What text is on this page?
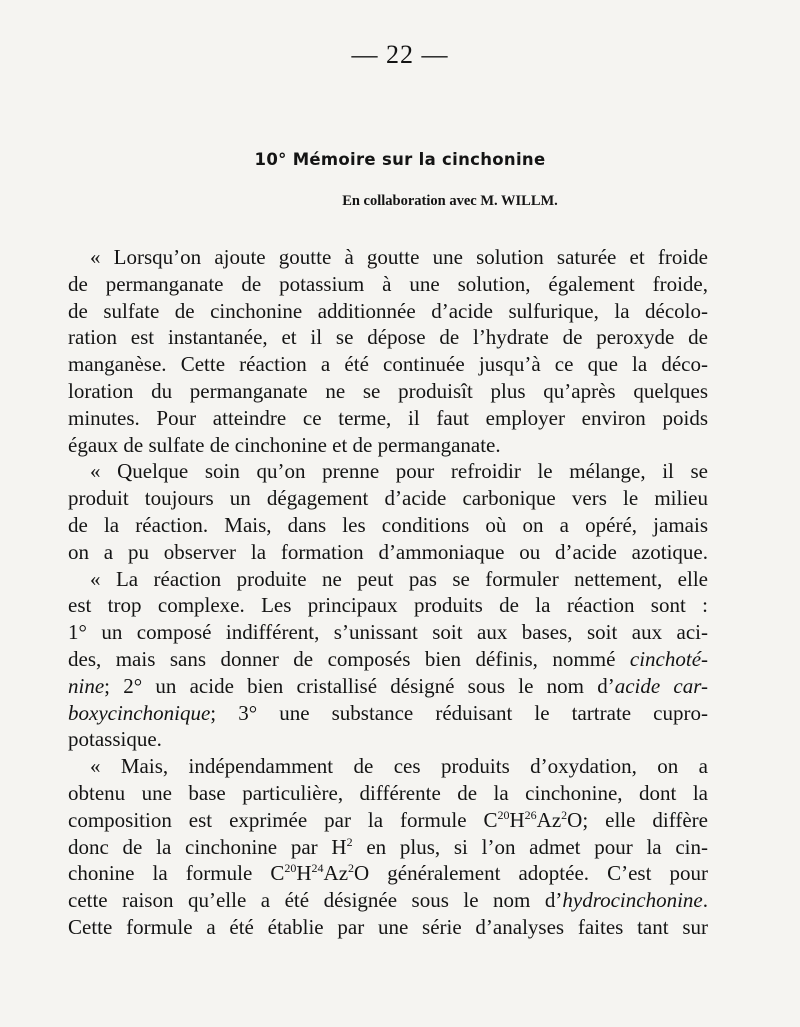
— 22 —
10° Mémoire sur la cinchonine
En collaboration avec M. WILLM.
« Lorsqu’on ajoute goutte à goutte une solution saturée et froide
de permanganate de potassium à une solution, également froide,
de sulfate de cinchonine additionnée d’acide sulfurique, la décolo-
ration est instantanée, et il se dépose de l’hydrate de peroxyde de
manganèse. Cette réaction a été continuée jusqu’à ce que la déco-
loration du permanganate ne se produisît plus qu’après quelques
minutes. Pour atteindre ce terme, il faut employer environ poids
égaux de sulfate de cinchonine et de permanganate.
« Quelque soin qu’on prenne pour refroidir le mélange, il se
produit toujours un dégagement d’acide carbonique vers le milieu
de la réaction. Mais, dans les conditions où on a opéré, jamais
on a pu observer la formation d’ammoniaque ou d’acide azotique.
« La réaction produite ne peut pas se formuler nettement, elle
est trop complexe. Les principaux produits de la réaction sont :
1° un composé indifférent, s’unissant soit aux bases, soit aux aci-
des, mais sans donner de composés bien définis, nommé cinchoté-
nine; 2° un acide bien cristallisé désigné sous le nom d’acide car-
boxycinchonique; 3° une substance réduisant le tartrate cupro-
potassique.
« Mais, indépendamment de ces produits d’oxydation, on a
obtenu une base particulière, différente de la cinchonine, dont la
composition est exprimée par la formule $C^{20}H^{26}Az^2O$; elle diffère
donc de la cinchonine par $H^2$ en plus, si l’on admet pour la cin-
chonine la formule $C^{20}H^{24}Az^2O$ généralement adoptée. C’est pour
cette raison qu’elle a été désignée sous le nom d’hydrocinchonine.
Cette formule a été établie par une série d’analyses faites tant sur
